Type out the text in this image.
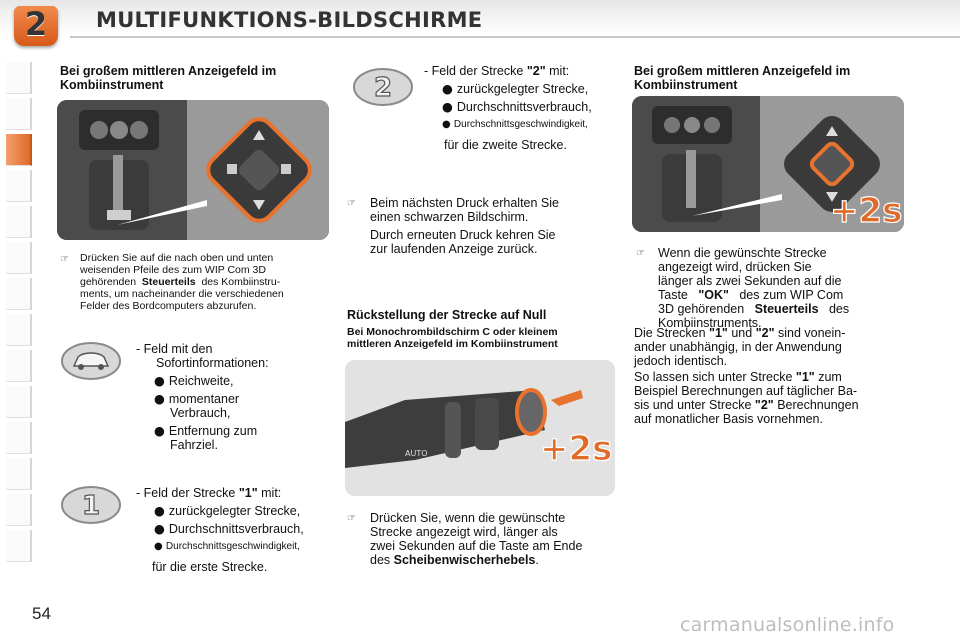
2	MULTIFUNKTIONS-BILDSCHIRME
Bei großem mittleren Anzeigefeld im Kombiinstrument
☞ Drücken Sie auf die nach oben und unten
weisenden Pfeile des zum WIP Com 3D
gehörenden Steuerteils des Kombiinstru-
ments, um nacheinander die verschiedenen
Felder des Bordcomputers abzurufen.
- Feld mit den
Sofortinformationen:
● Reichweite,
● momentaner
Verbrauch,
● Entfernung zum
Fahrziel.
1	- Feld der Strecke "1" mit:
● zurückgelegter Strecke,
● Durchschnittsverbrauch,
● Durchschnittsgeschwindigkeit,
für die erste Strecke.
2
- Feld der Strecke "2" mit:
● zurückgelegter Strecke,
● Durchschnittsverbrauch,
● Durchschnittsgeschwindigkeit,
für die zweite Strecke.
☞ Beim nächsten Druck erhalten Sie
einen schwarzen Bildschirm.
Durch erneuten Druck kehren Sie
zur laufenden Anzeige zurück.
Rückstellung der Strecke auf Null
Bei Monochrombildschirm C oder kleinem
mittleren Anzeigefeld im Kombiinstrument
AUTO	+2s
☞ Drücken Sie, wenn die gewünschte
Strecke angezeigt wird, länger als
zwei Sekunden auf die Taste am Ende
des Scheibenwischerhebels.
Bei großem mittleren Anzeigefeld im Kombiinstrument
+2s
☞ Wenn die gewünschte Strecke
angezeigt wird, drücken Sie
länger als zwei Sekunden auf die
Taste "OK" des zum WIP Com
3D gehörenden Steuerteils des
Kombiinstruments.
Die Strecken "1" und "2" sind vonein-
ander unabhängig, in der Anwendung
jedoch identisch.
So lassen sich unter Strecke "1" zum
Beispiel Berechnungen auf täglicher Ba-
sis und unter Strecke "2" Berechnungen
auf monatlicher Basis vornehmen.
54
carmanualsonline.info
